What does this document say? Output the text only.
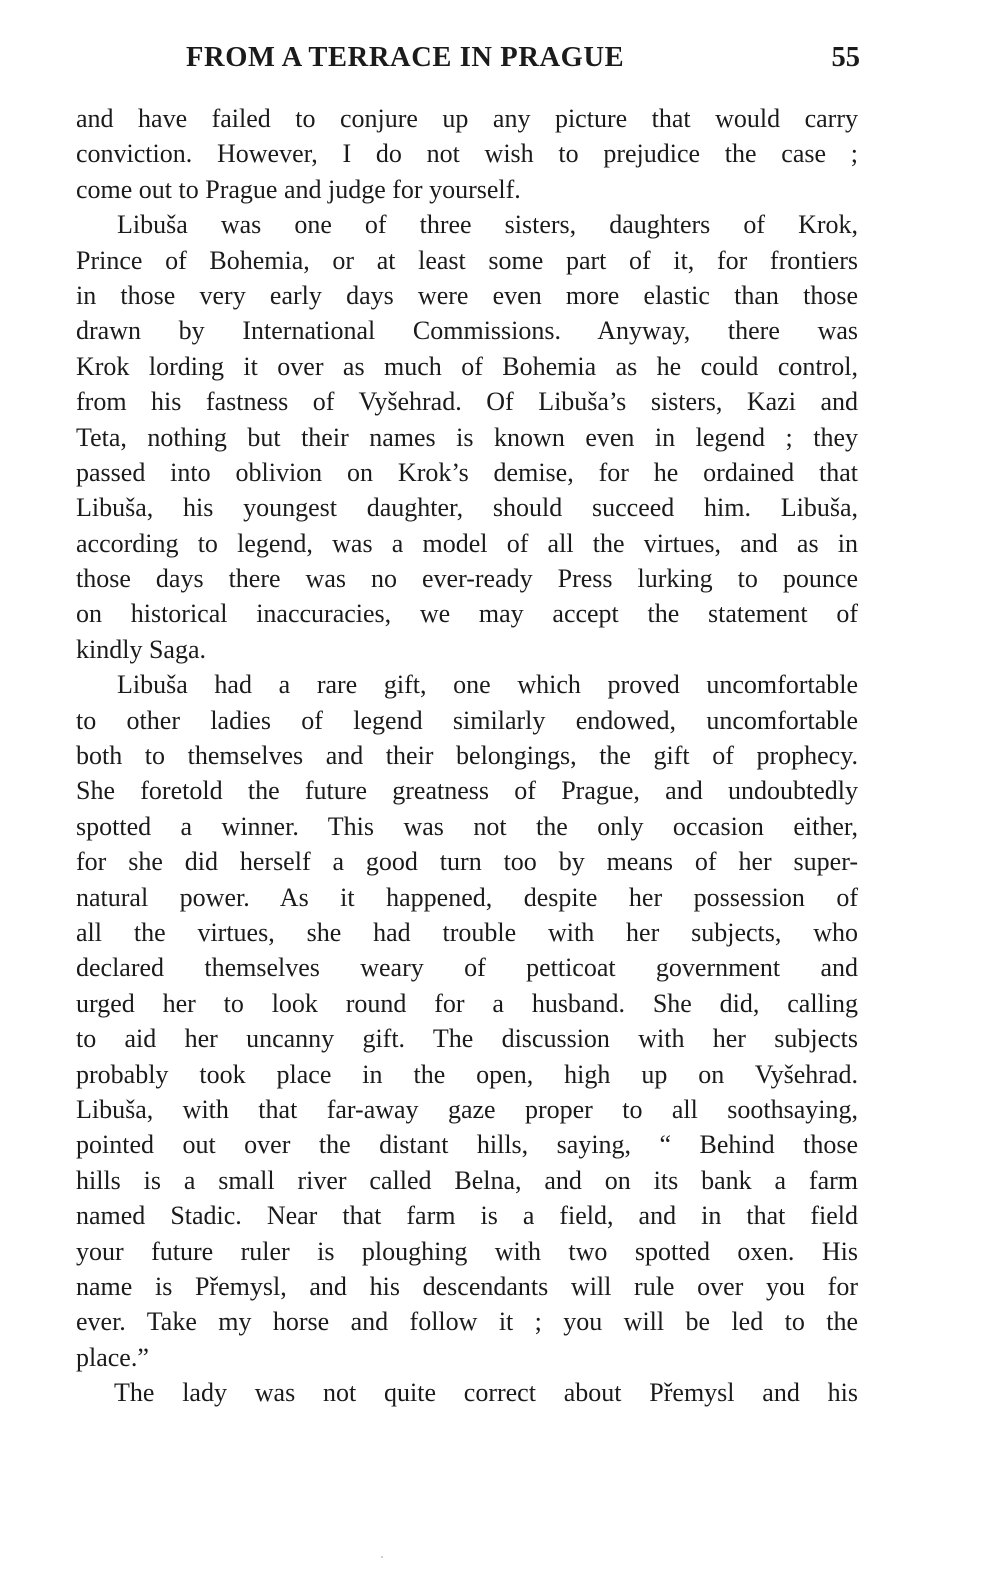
FROM A TERRACE IN PRAGUE	55
and have failed to conjure up any picture that would carry
conviction. However, I do not wish to prejudice the case ;
come out to Prague and judge for yourself.
Libuša was one of three sisters, daughters of Krok,
Prince of Bohemia, or at least some part of it, for frontiers
in those very early days were even more elastic than those
drawn by International Commissions. Anyway, there was
Krok lording it over as much of Bohemia as he could control,
from his fastness of Vyšehrad. Of Libuša’s sisters, Kazi and
Teta, nothing but their names is known even in legend ; they
passed into oblivion on Krok’s demise, for he ordained that
Libuša, his youngest daughter, should succeed him. Libuša,
according to legend, was a model of all the virtues, and as in
those days there was no ever-ready Press lurking to pounce
on historical inaccuracies, we may accept the statement of
kindly Saga.
Libuša had a rare gift, one which proved uncomfortable
to other ladies of legend similarly endowed, uncomfortable
both to themselves and their belongings, the gift of prophecy.
She foretold the future greatness of Prague, and undoubtedly
spotted a winner. This was not the only occasion either,
for she did herself a good turn too by means of her super-
natural power. As it happened, despite her possession of
all the virtues, she had trouble with her subjects, who
declared themselves weary of petticoat government and
urged her to look round for a husband. She did, calling
to aid her uncanny gift. The discussion with her subjects
probably took place in the open, high up on Vyšehrad.
Libuša, with that far-away gaze proper to all soothsaying,
pointed out over the distant hills, saying, “ Behind those
hills is a small river called Belna, and on its bank a farm
named Stadic. Near that farm is a field, and in that field
your future ruler is ploughing with two spotted oxen. His
name is Přemysl, and his descendants will rule over you for
ever. Take my horse and follow it ; you will be led to the
place.”
The lady was not quite correct about Přemysl and his
